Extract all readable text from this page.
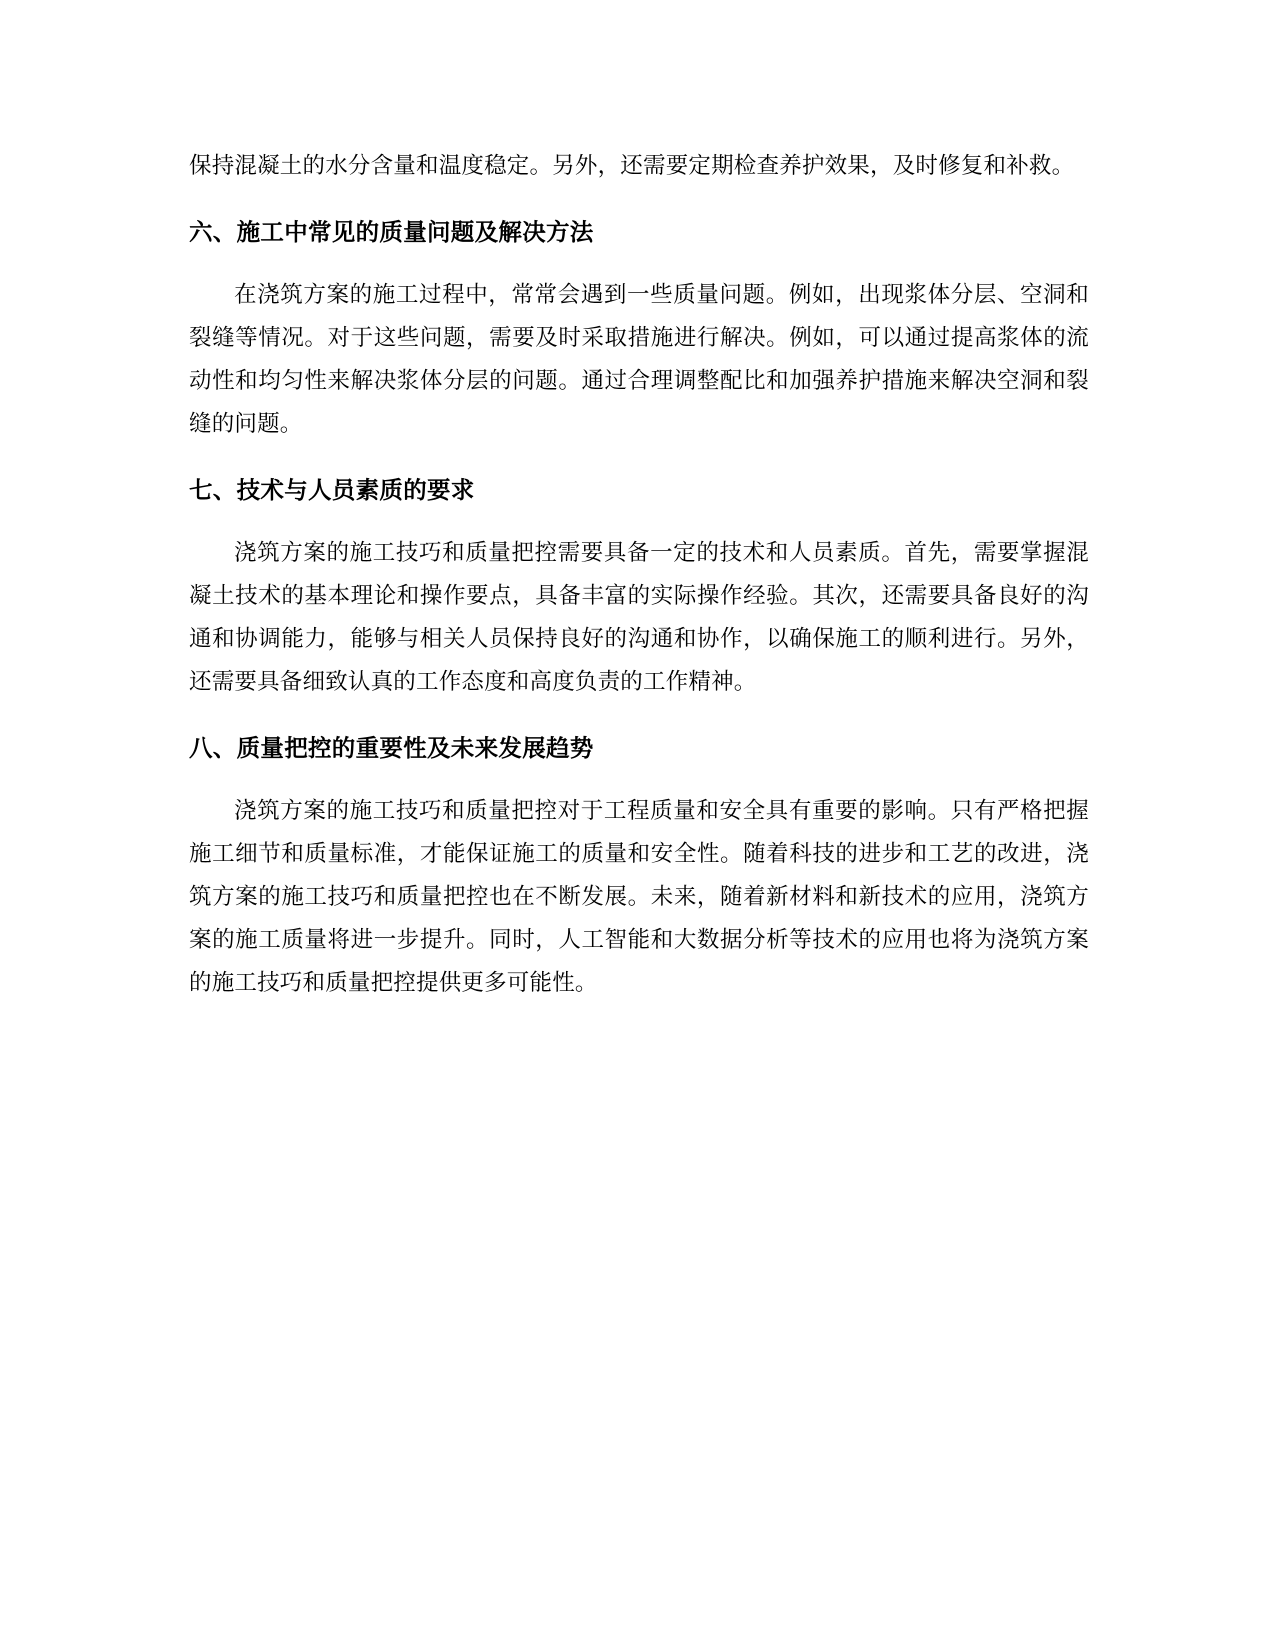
保持混凝土的水分含量和温度稳定。另外，还需要定期检查养护效果，及时修复和补救。

六、施工中常见的质量问题及解决方法

在浇筑方案的施工过程中，常常会遇到一些质量问题。例如，出现浆体分层、空洞和裂缝等情况。对于这些问题，需要及时采取措施进行解决。例如，可以通过提高浆体的流动性和均匀性来解决浆体分层的问题。通过合理调整配比和加强养护措施来解决空洞和裂缝的问题。

七、技术与人员素质的要求

浇筑方案的施工技巧和质量把控需要具备一定的技术和人员素质。首先，需要掌握混凝土技术的基本理论和操作要点，具备丰富的实际操作经验。其次，还需要具备良好的沟通和协调能力，能够与相关人员保持良好的沟通和协作，以确保施工的顺利进行。另外，还需要具备细致认真的工作态度和高度负责的工作精神。

八、质量把控的重要性及未来发展趋势

浇筑方案的施工技巧和质量把控对于工程质量和安全具有重要的影响。只有严格把握施工细节和质量标准，才能保证施工的质量和安全性。随着科技的进步和工艺的改进，浇筑方案的施工技巧和质量把控也在不断发展。未来，随着新材料和新技术的应用，浇筑方案的施工质量将进一步提升。同时，人工智能和大数据分析等技术的应用也将为浇筑方案的施工技巧和质量把控提供更多可能性。
